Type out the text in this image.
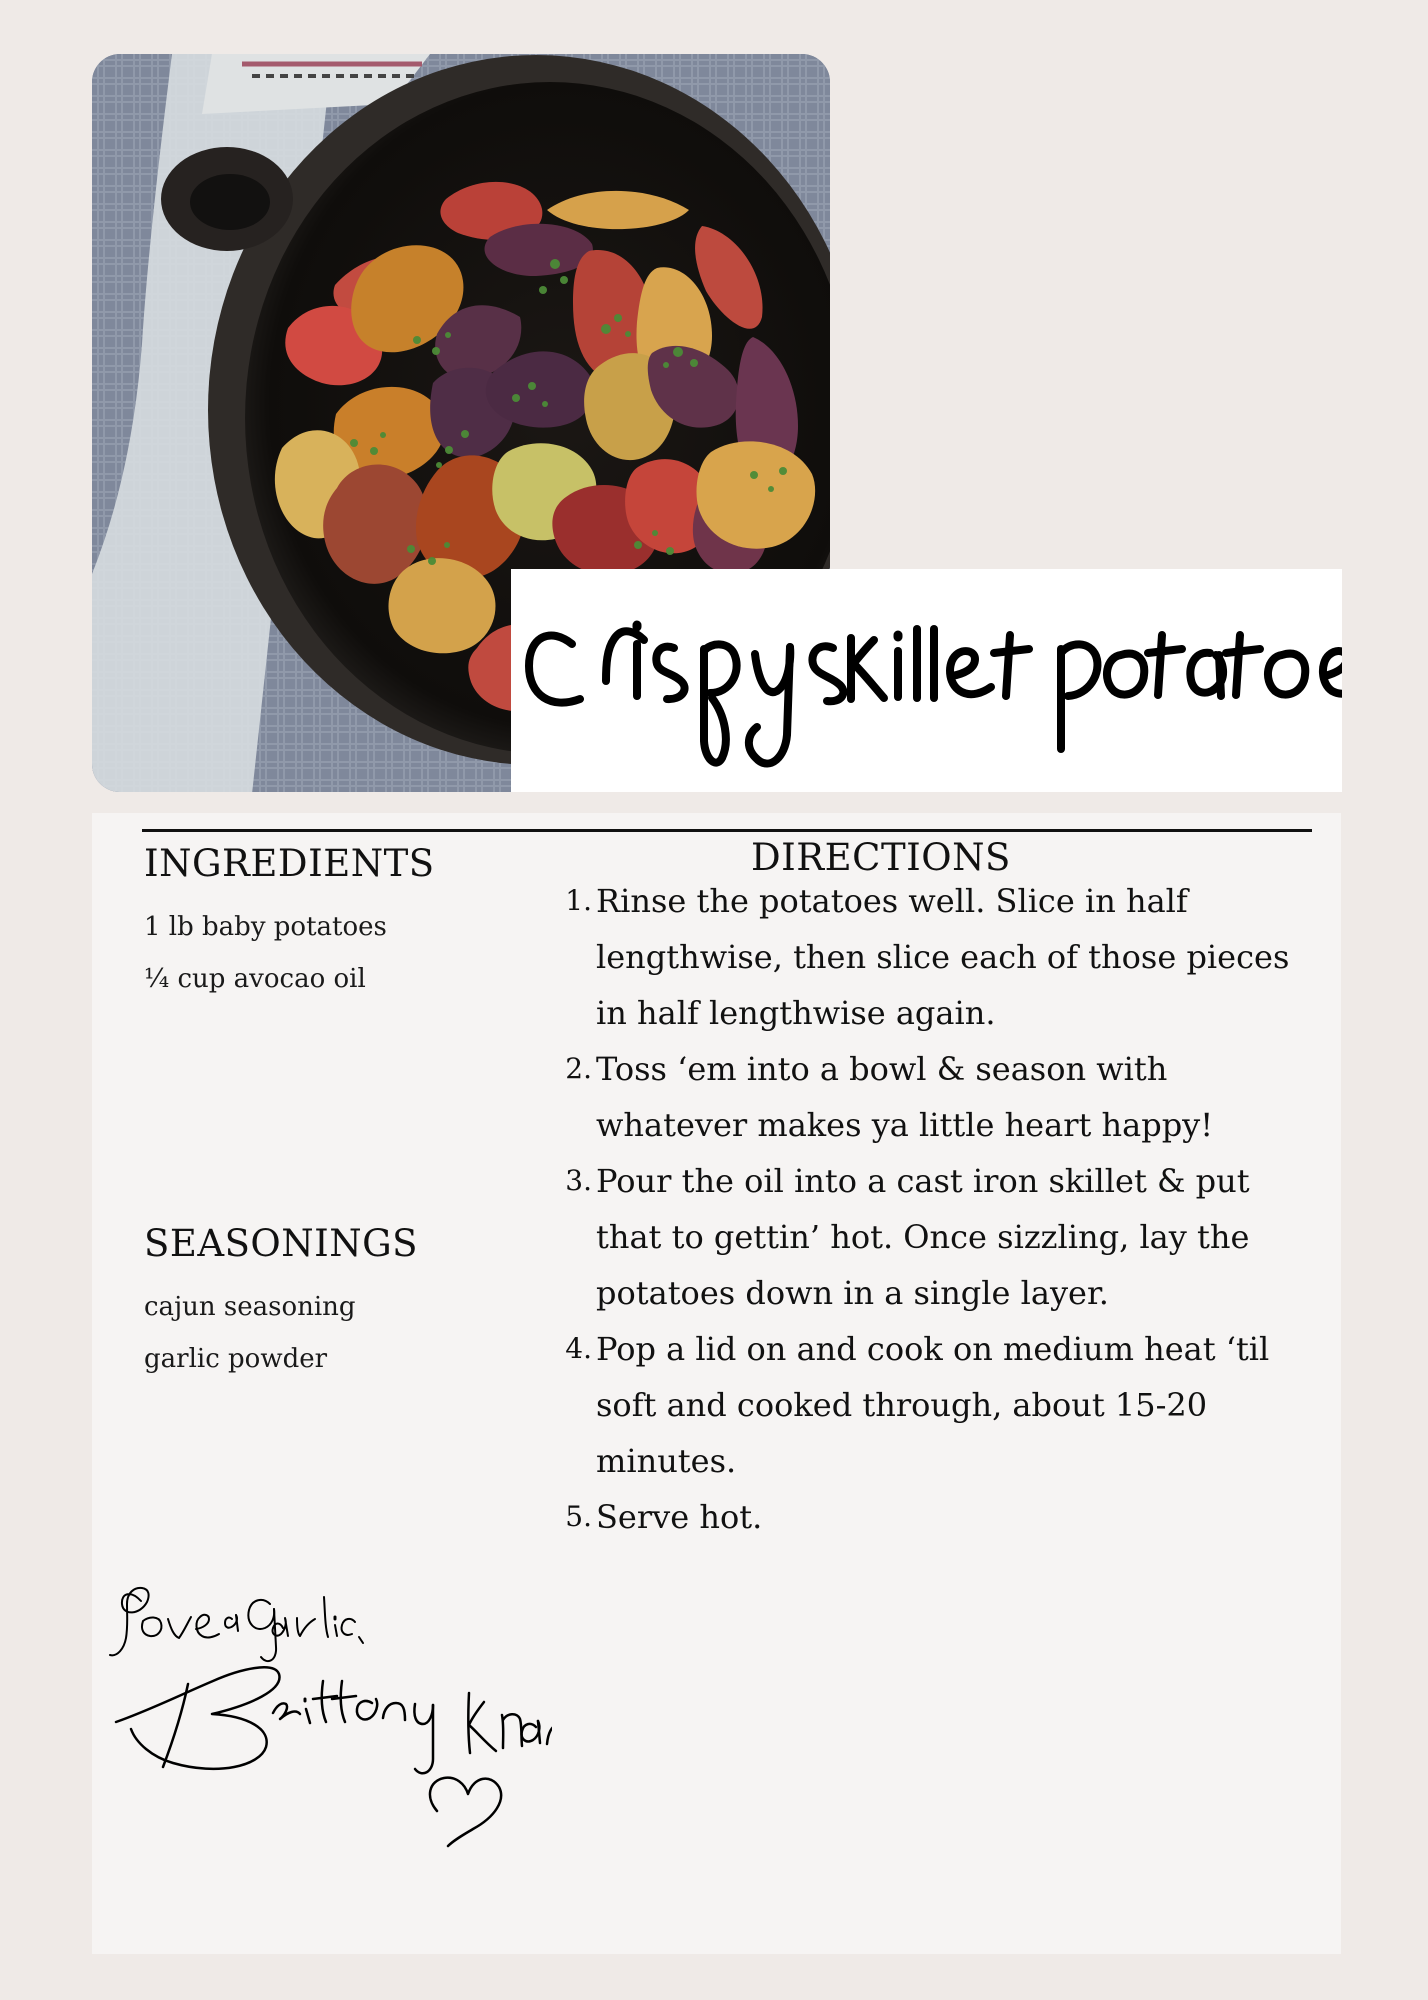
INGREDIENTS
1 lb baby potatoes
¼ cup avocao oil
SEASONINGS
cajun seasoning
garlic powder
DIRECTIONS
1. Rinse the potatoes well. Slice in half lengthwise, then slice each of those pieces in half lengthwise again.
2. Toss ‘em into a bowl & season with whatever makes ya little heart happy!
3. Pour the oil into a cast iron skillet & put that to gettin’ hot. Once sizzling, lay the potatoes down in a single layer.
4. Pop a lid on and cook on medium heat ‘til soft and cooked through, about 15-20 minutes.
5. Serve hot.
